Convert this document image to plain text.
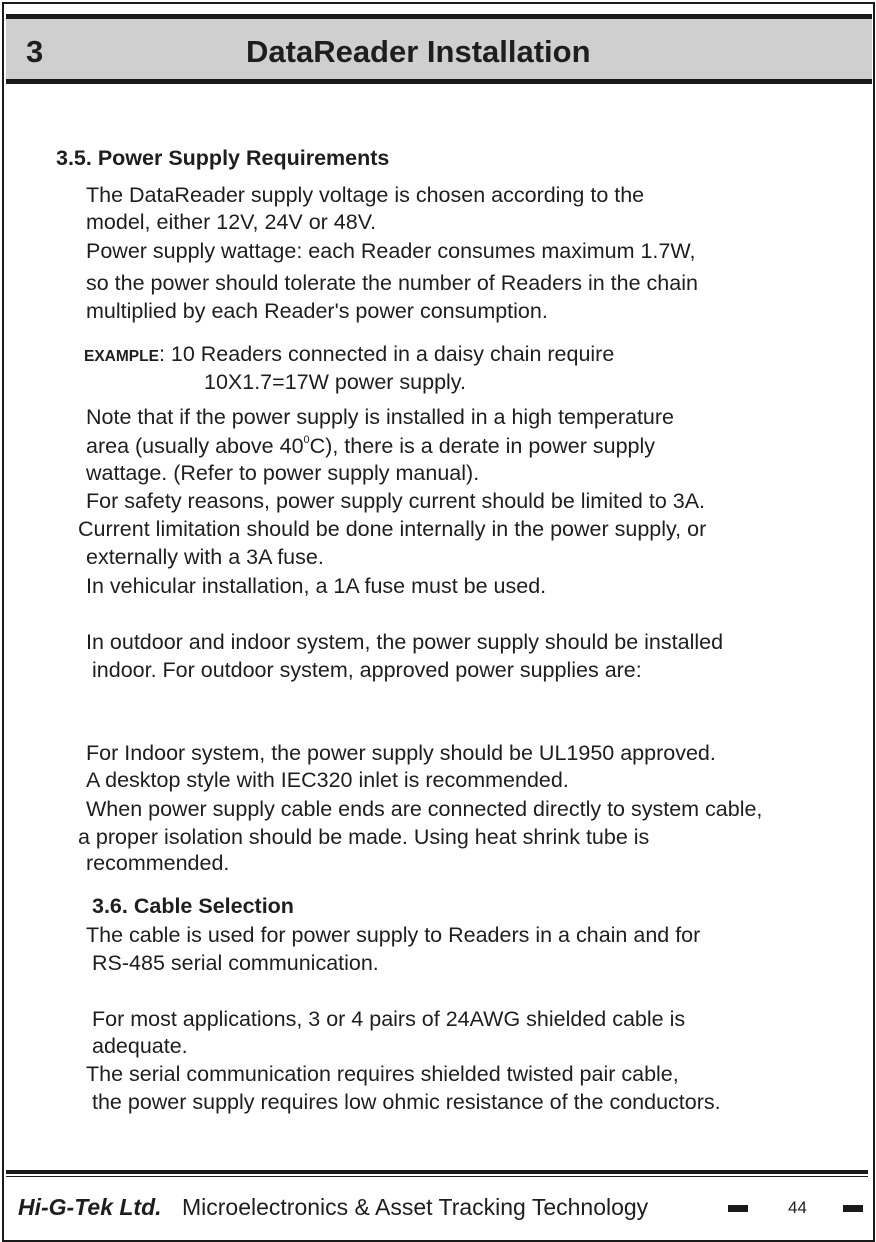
3	DataReader Installation
3.5. Power Supply Requirements
The DataReader supply voltage is chosen according to the
model, either 12V, 24V or 48V.
Power supply wattage: each Reader consumes maximum 1.7W,
so the power should tolerate the number of Readers in the chain
multiplied by each Reader's power consumption.
EXAMPLE: 10 Readers connected in a daisy chain require
10X1.7=17W power supply.
Note that if the power supply is installed in a high temperature
area (usually above $40^0C$), there is a derate in power supply
wattage. (Refer to power supply manual).
For safety reasons, power supply current should be limited to 3A.
Current limitation should be done internally in the power supply, or
externally with a 3A fuse.
In vehicular installation, a 1A fuse must be used.
In outdoor and indoor system, the power supply should be installed
indoor. For outdoor system, approved power supplies are:
For Indoor system, the power supply should be UL1950 approved.
A desktop style with IEC320 inlet is recommended.
When power supply cable ends are connected directly to system cable,
a proper isolation should be made. Using heat shrink tube is
recommended.
3.6. Cable Selection
The cable is used for power supply to Readers in a chain and for
RS-485 serial communication.
For most applications, 3 or 4 pairs of 24AWG shielded cable is
adequate.
The serial communication requires shielded twisted pair cable,
the power supply requires low ohmic resistance of the conductors.
Hi-G-Tek Ltd. Microelectronics & Asset Tracking Technology	44
